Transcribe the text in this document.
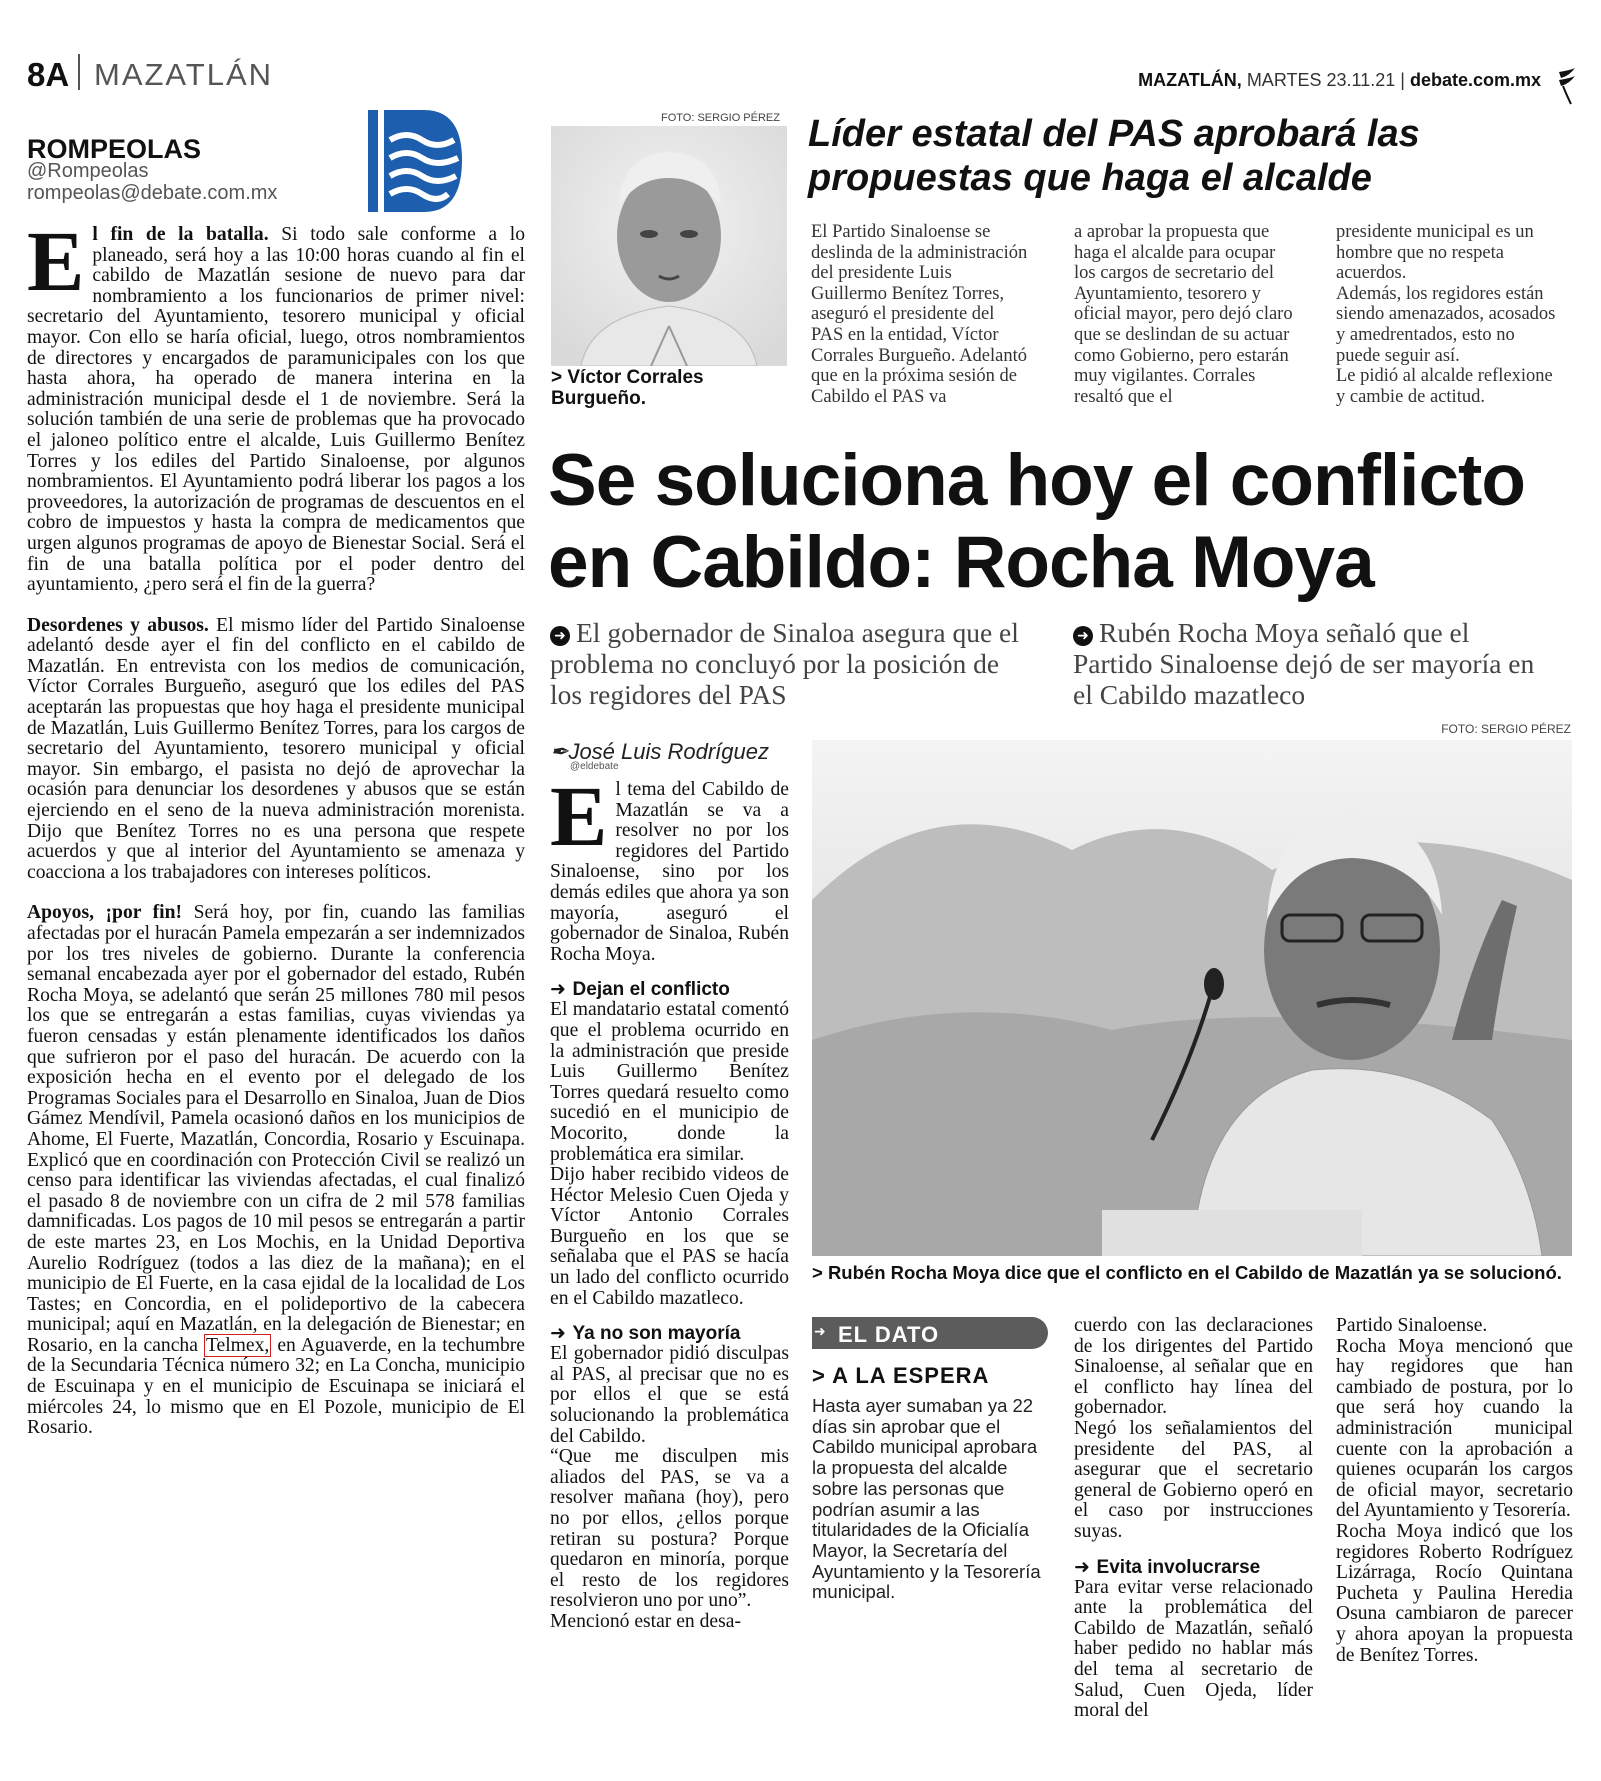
8A MAZATLÁN	MAZATLÁN, MARTES 23.11.21 | debate.com.mx
ROMPEOLAS
@Rompeolas
rompeolas@debate.com.mx

El fin de la batalla. Si todo sale conforme a lo planeado, será hoy a las 10:00 horas cuando al fin el cabildo de Mazatlán sesione de nuevo para dar nombramiento a los funcionarios de primer nivel: secretario del Ayuntamiento, tesorero municipal y oficial mayor. Con ello se haría oficial, luego, otros nombramientos de directores y encargados de paramunicipales con los que hasta ahora, ha operado de manera interina en la administración municipal desde el 1 de noviembre. Será la solución también de una serie de problemas que ha provocado el jaloneo político entre el alcalde, Luis Guillermo Benítez Torres y los ediles del Partido Sinaloense, por algunos nombramientos. El Ayuntamiento podrá liberar los pagos a los proveedores, la autorización de programas de descuentos en el cobro de impuestos y hasta la compra de medicamentos que urgen algunos programas de apoyo de Bienestar Social. Será el fin de una batalla política por el poder dentro del ayuntamiento, ¿pero será el fin de la guerra?

Desordenes y abusos. El mismo líder del Partido Sinaloense adelantó desde ayer el fin del conflicto en el cabildo de Mazatlán. En entrevista con los medios de comunicación, Víctor Corrales Burgueño, aseguró que los ediles del PAS aceptarán las propuestas que hoy haga el presidente municipal de Mazatlán, Luis Guillermo Benítez Torres, para los cargos de secretario del Ayuntamiento, tesorero municipal y oficial mayor. Sin embargo, el pasista no dejó de aprovechar la ocasión para denunciar los desordenes y abusos que se están ejerciendo en el seno de la nueva administración morenista. Dijo que Benítez Torres no es una persona que respete acuerdos y que al interior del Ayuntamiento se amenaza y coacciona a los trabajadores con intereses políticos.

Apoyos, ¡por fin! Será hoy, por fin, cuando las familias afectadas por el huracán Pamela empezarán a ser indemnizados por los tres niveles de gobierno. Durante la conferencia semanal encabezada ayer por el gobernador del estado, Rubén Rocha Moya, se adelantó que serán 25 millones 780 mil pesos los que se entregarán a estas familias, cuyas viviendas ya fueron censadas y están plenamente identificados los daños que sufrieron por el paso del huracán. De acuerdo con la exposición hecha en el evento por el delegado de los Programas Sociales para el Desarrollo en Sinaloa, Juan de Dios Gámez Mendívil, Pamela ocasionó daños en los municipios de Ahome, El Fuerte, Mazatlán, Concordia, Rosario y Escuinapa. Explicó que en coordinación con Protección Civil se realizó un censo para identificar las viviendas afectadas, el cual finalizó el pasado 8 de noviembre con un cifra de 2 mil 578 familias damnificadas. Los pagos de 10 mil pesos se entregarán a partir de este martes 23, en Los Mochis, en la Unidad Deportiva Aurelio Rodríguez (todos a las diez de la mañana); en el municipio de El Fuerte, en la casa ejidal de la localidad de Los Tastes; en Concordia, en el polideportivo de la cabecera municipal; aquí en Mazatlán, en la delegación de Bienestar; en Rosario, en la cancha Telmex, en Aguaverde, en la techumbre de la Secundaria Técnica número 32; en La Concha, municipio de Escuinapa y en el municipio de Escuinapa se iniciará el miércoles 24, lo mismo que en El Pozole, municipio de El Rosario.

FOTO: SERGIO PÉREZ
> Víctor Corrales Burgueño.
Líder estatal del PAS aprobará las propuestas que haga el alcalde
El Partido Sinaloense se deslinda de la administración del presidente Luis Guillermo Benítez Torres, aseguró el presidente del PAS en la entidad, Víctor Corrales Burgueño. Adelantó que en la próxima sesión de Cabildo el PAS va
a aprobar la propuesta que haga el alcalde para ocupar los cargos de secretario del Ayuntamiento, tesorero y oficial mayor, pero dejó claro que se deslindan de su actuar como Gobierno, pero estarán muy vigilantes. Corrales resaltó que el
presidente municipal es un hombre que no respeta acuerdos.
Además, los regidores están siendo amenazados, acosados y amedrentados, esto no puede seguir así.
Le pidió al alcalde reflexione y cambie de actitud.
Se soluciona hoy el conflicto en Cabildo: Rocha Moya
➜ El gobernador de Sinaloa asegura que el problema no concluyó por la posición de los regidores del PAS
➜ Rubén Rocha Moya señaló que el Partido Sinaloense dejó de ser mayoría en el Cabildo mazatleco
FOTO: SERGIO PÉREZ
✒José Luis Rodríguez
@eldebate

El tema del Cabildo de Mazatlán se va a resolver no por los regidores del Partido Sinaloense, sino por los demás ediles que ahora ya son mayoría, aseguró el gobernador de Sinaloa, Rubén Rocha Moya.

➜ Dejan el conflicto
El mandatario estatal comentó que el problema ocurrido en la administración que preside Luis Guillermo Benítez Torres quedará resuelto como sucedió en el municipio de Mocorito, donde la problemática era similar.

Dijo haber recibido videos de Héctor Melesio Cuen Ojeda y Víctor Antonio Corrales Burgueño en los que se señalaba que el PAS se hacía un lado del conflicto ocurrido en el Cabildo mazatleco.

➜ Ya no son mayoría
El gobernador pidió disculpas al PAS, al precisar que no es por ellos el que se está solucionando la problemática del Cabildo.
“Que me disculpen mis aliados del PAS, se va a resolver mañana (hoy), pero no por ellos, ¿ellos porque retiran su postura? Porque quedaron en minoría, porque el resto de los regidores resolvieron uno por uno”.
Mencionó estar en desa-
> Rubén Rocha Moya dice que el conflicto en el Cabildo de Mazatlán ya se solucionó.
➜ EL DATO
> A LA ESPERA
Hasta ayer sumaban ya 22 días sin aprobar que el Cabildo municipal aprobara la propuesta del alcalde sobre las personas que podrían asumir a las titularidades de la Oficialía Mayor, la Secretaría del Ayuntamiento y la Tesorería municipal.
cuerdo con las declaraciones de los dirigentes del Partido Sinaloense, al señalar que en el conflicto hay línea del gobernador.

Negó los señalamientos del presidente del PAS, al asegurar que el secretario general de Gobierno operó en el caso por instrucciones suyas.

➜ Evita involucrarse
Para evitar verse relacionado ante la problemática del Cabildo de Mazatlán, señaló haber pedido no hablar más del tema al secretario de Salud, Cuen Ojeda, líder moral del
Partido Sinaloense.
Rocha Moya mencionó que hay regidores que han cambiado de postura, por lo que será hoy cuando la administración municipal cuente con la aprobación a quienes ocuparán los cargos de oficial mayor, secretario del Ayuntamiento y Tesorería.
Rocha Moya indicó que los regidores Roberto Rodríguez Lizárraga, Rocío Quintana Pucheta y Paulina Heredia Osuna cambiaron de parecer y ahora apoyan la propuesta de Benítez Torres.
